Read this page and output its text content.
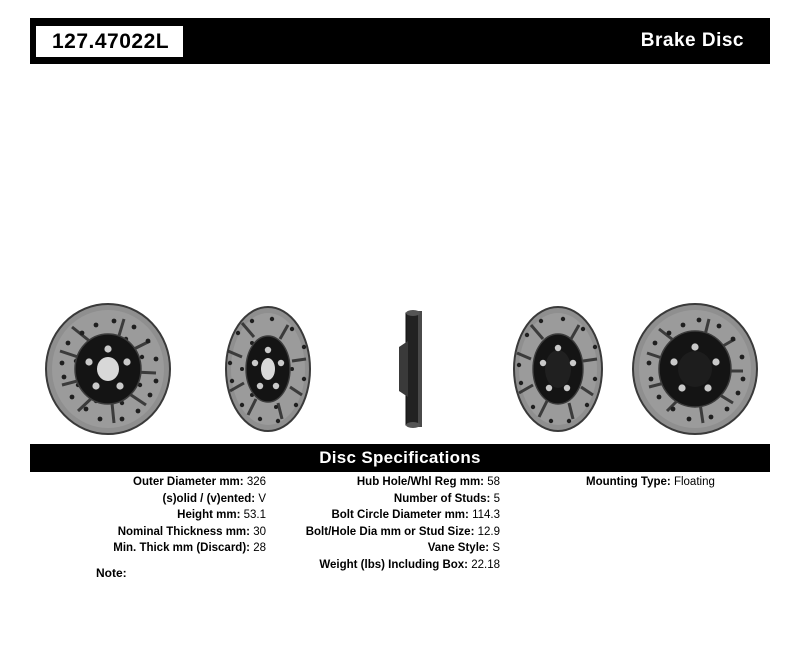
127.47022L	Brake Disc
Disc Specifications
Outer Diameter mm: 326
(s)olid / (v)ented: V
Height mm: 53.1
Nominal Thickness mm: 30
Min. Thick mm (Discard): 28
Hub Hole/Whl Reg mm: 58
Number of Studs: 5
Bolt Circle Diameter mm: 114.3
Bolt/Hole Dia mm or Stud Size: 12.9
Vane Style: S
Weight (lbs) Including Box: 22.18
Mounting Type: Floating
Note:
